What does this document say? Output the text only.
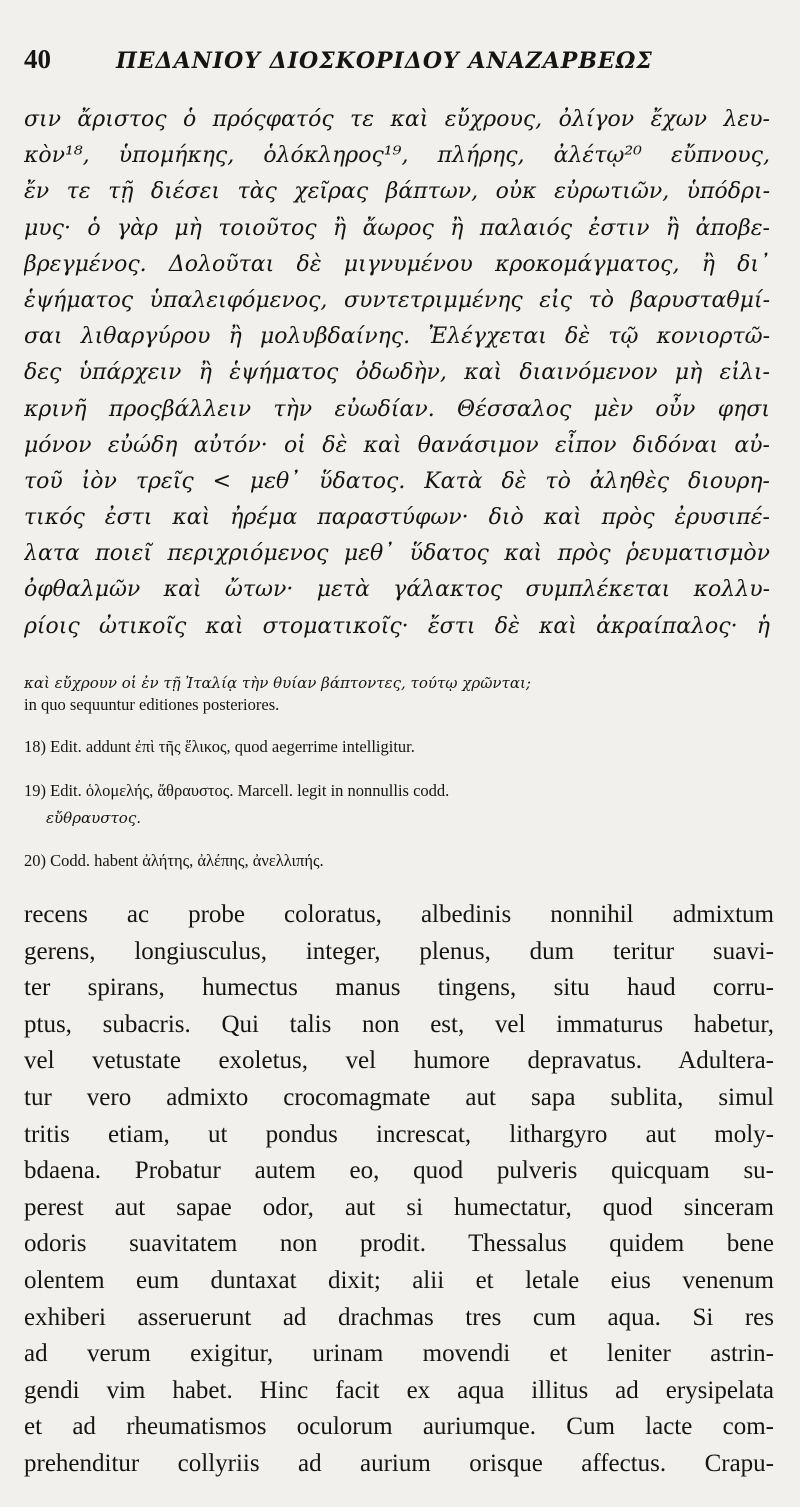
40	ΠΕΔΑΝΙΟΥ ΔΙΟΣΚΟΡΙΔΟΥ ΑΝΑΖΑΡΒΕΩΣ
σιν ἄριστος ὁ πρόςφατός τε καὶ εὔχρους, ὀλίγον ἔχων λευ-
κὸν¹⁸, ὑπομήκης, ὁλόκληρος¹⁹, πλήρης, ἀλέτῳ²⁰ εὔπνους,
ἔν τε τῇ διέσει τὰς χεῖρας βάπτων, οὐκ εὐρωτιῶν, ὑπόδρι-
μυς· ὁ γὰρ μὴ τοιοῦτος ἢ ἄωρος ἢ παλαιός ἐστιν ἢ ἀποβε-
βρεγμένος. Δολοῦται δὲ μιγνυμένου κροκομάγματος, ἢ δι᾽
ἑψήματος ὑπαλειφόμενος, συντετριμμένης εἰς τὸ βαρυσταθμί-
σαι λιθαργύρου ἢ μολυβδαίνης. Ἐλέγχεται δὲ τῷ κονιορτῶ-
δες ὑπάρχειν ἢ ἑψήματος ὀδωδὴν, καὶ διαινόμενον μὴ εἰλι-
κρινῆ προςβάλλειν τὴν εὐωδίαν. Θέσσαλος μὲν οὖν φησι
μόνον εὐώδη αὐτόν· οἱ δὲ καὶ θανάσιμον εἶπον διδόναι αὐ-
τοῦ ἰὸν τρεῖς < μεθ᾽ ὕδατος. Κατὰ δὲ τὸ ἀληθὲς διουρη-
τικός ἐστι καὶ ἠρέμα παραστύφων· διὸ καὶ πρὸς ἐρυσιπέ-
λατα ποιεῖ περιχριόμενος μεθ᾽ ὕδατος καὶ πρὸς ῥευματισμὸν
ὀφθαλμῶν καὶ ὤτων· μετὰ γάλακτος συμπλέκεται κολλυ-
ρίοις ὠτικοῖς καὶ στοματικοῖς· ἔστι δὲ καὶ ἀκραίπαλος· ἡ
καὶ εὔχρουν οἱ ἐν τῇ Ἰταλίᾳ τὴν θυίαν βάπτοντες, τούτῳ χρῶνται;
in quo sequuntur editiones posteriores.
18) Edit. addunt ἐπὶ τῆς ἕλικος, quod aegerrime intelligitur.
19) Edit. ὁλομελής, ἄθραυστος. Marcell. legit in nonnullis codd.
εὔθραυστος.
20) Codd. habent ἀλήτης, ἀλέπης, ἀνελλιπής.
recens ac probe coloratus, albedinis nonnihil admixtum
gerens, longiusculus, integer, plenus, dum teritur suavi-
ter spirans, humectus manus tingens, situ haud corru-
ptus, subacris. Qui talis non est, vel immaturus habetur,
vel vetustate exoletus, vel humore depravatus. Adultera-
tur vero admixto crocomagmate aut sapa sublita, simul
tritis etiam, ut pondus increscat, lithargyro aut moly-
bdaena. Probatur autem eo, quod pulveris quicquam su-
perest aut sapae odor, aut si humectatur, quod sinceram
odoris suavitatem non prodit. Thessalus quidem bene
olentem eum duntaxat dixit; alii et letale eius venenum
exhiberi asseruerunt ad drachmas tres cum aqua. Si res
ad verum exigitur, urinam movendi et leniter astrin-
gendi vim habet. Hinc facit ex aqua illitus ad erysipelata
et ad rheumatismos oculorum auriumque. Cum lacte com-
prehenditur collyriis ad aurium orisque affectus. Crapu-
